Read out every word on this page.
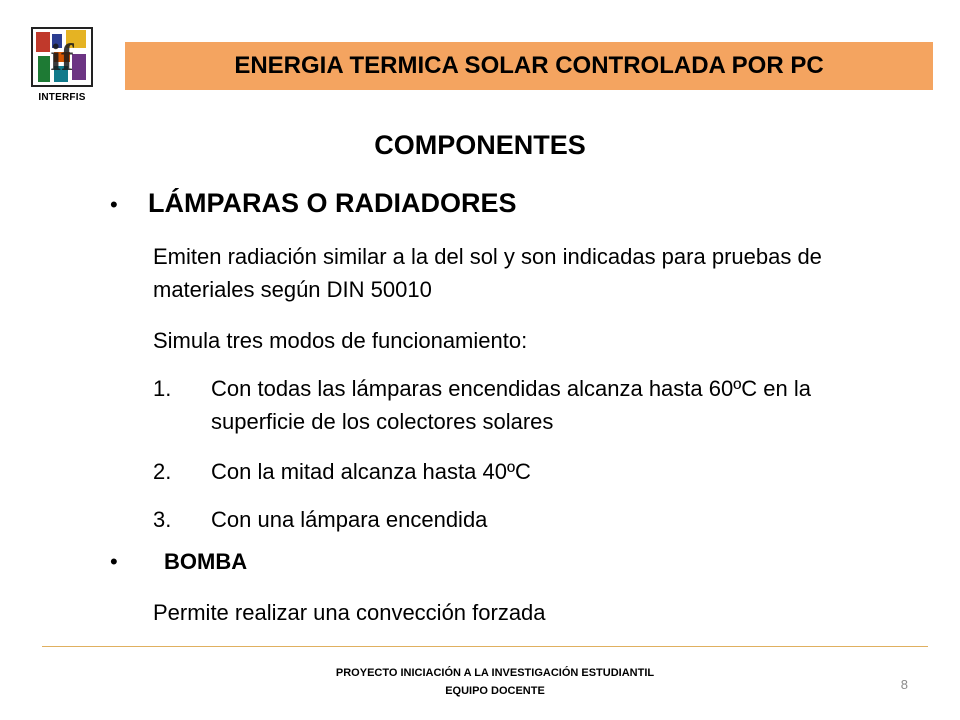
if
INTERFIS
ENERGIA TERMICA SOLAR CONTROLADA POR PC
COMPONENTES
•	LÁMPARAS O RADIADORES
Emiten radiación similar a la del sol y son indicadas para pruebas de materiales según DIN 50010
Simula tres modos de funcionamiento:
1.	Con todas las lámparas encendidas alcanza hasta 60ºC en la superficie de los colectores solares
2.	Con la mitad alcanza hasta 40ºC
3.	Con una lámpara encendida
•	BOMBA
Permite realizar una convección forzada
PROYECTO INICIACIÓN A LA INVESTIGACIÓN ESTUDIANTIL
EQUIPO DOCENTE	8
